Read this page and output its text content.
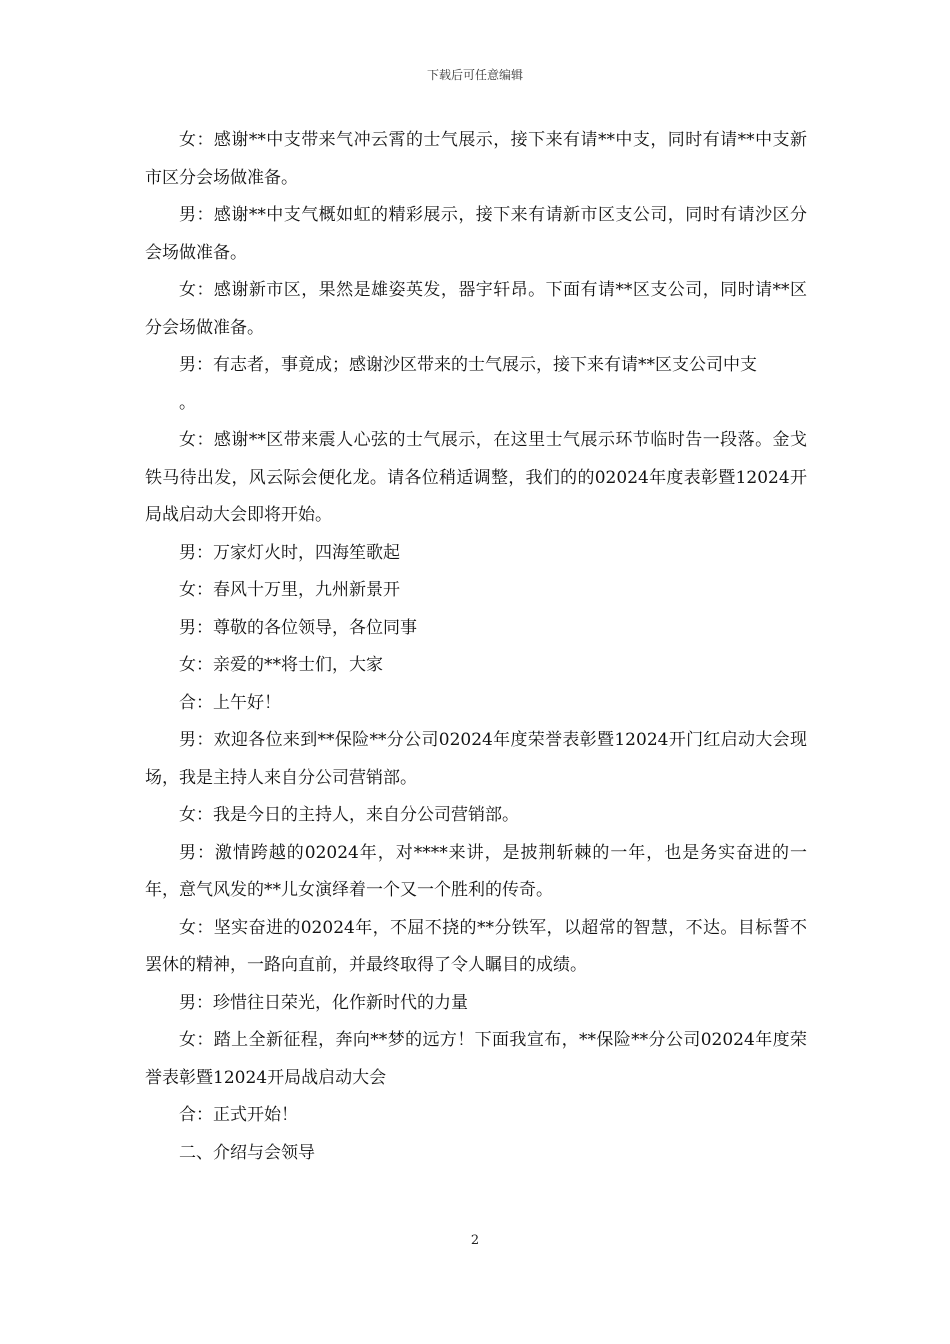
下载后可任意编辑

女：感谢**中支带来气冲云霄的士气展示，接下来有请**中支，同时有请**中支新市区分会场做准备。

男：感谢**中支气概如虹的精彩展示，接下来有请新市区支公司，同时有请沙区分会场做准备。

女：感谢新市区，果然是雄姿英发，器宇轩昂。下面有请**区支公司，同时请**区分会场做准备。

男：有志者，事竟成；感谢沙区带来的士气展示，接下来有请**区支公司中支

。

女：感谢**区带来震人心弦的士气展示，在这里士气展示环节临时告一段落。金戈铁马待出发，风云际会便化龙。请各位稍适调整，我们的的02024年度表彰暨12024开局战启动大会即将开始。

男：万家灯火时，四海笙歌起

女：春风十万里，九州新景开

男：尊敬的各位领导，各位同事

女：亲爱的**将士们，大家

合：上午好！

男：欢迎各位来到**保险**分公司02024年度荣誉表彰暨12024开门红启动大会现场，我是主持人来自分公司营销部。

女：我是今日的主持人，来自分公司营销部。

男：激情跨越的02024年，对****来讲，是披荆斩棘的一年，也是务实奋进的一年，意气风发的**儿女演绎着一个又一个胜利的传奇。

女：坚实奋进的02024年，不屈不挠的**分铁军，以超常的智慧，不达。目标誓不罢休的精神，一路向直前，并最终取得了令人瞩目的成绩。

男：珍惜往日荣光，化作新时代的力量

女：踏上全新征程，奔向**梦的远方！下面我宣布，**保险**分公司02024年度荣誉表彰暨12024开局战启动大会

合：正式开始！

二、介绍与会领导

2
